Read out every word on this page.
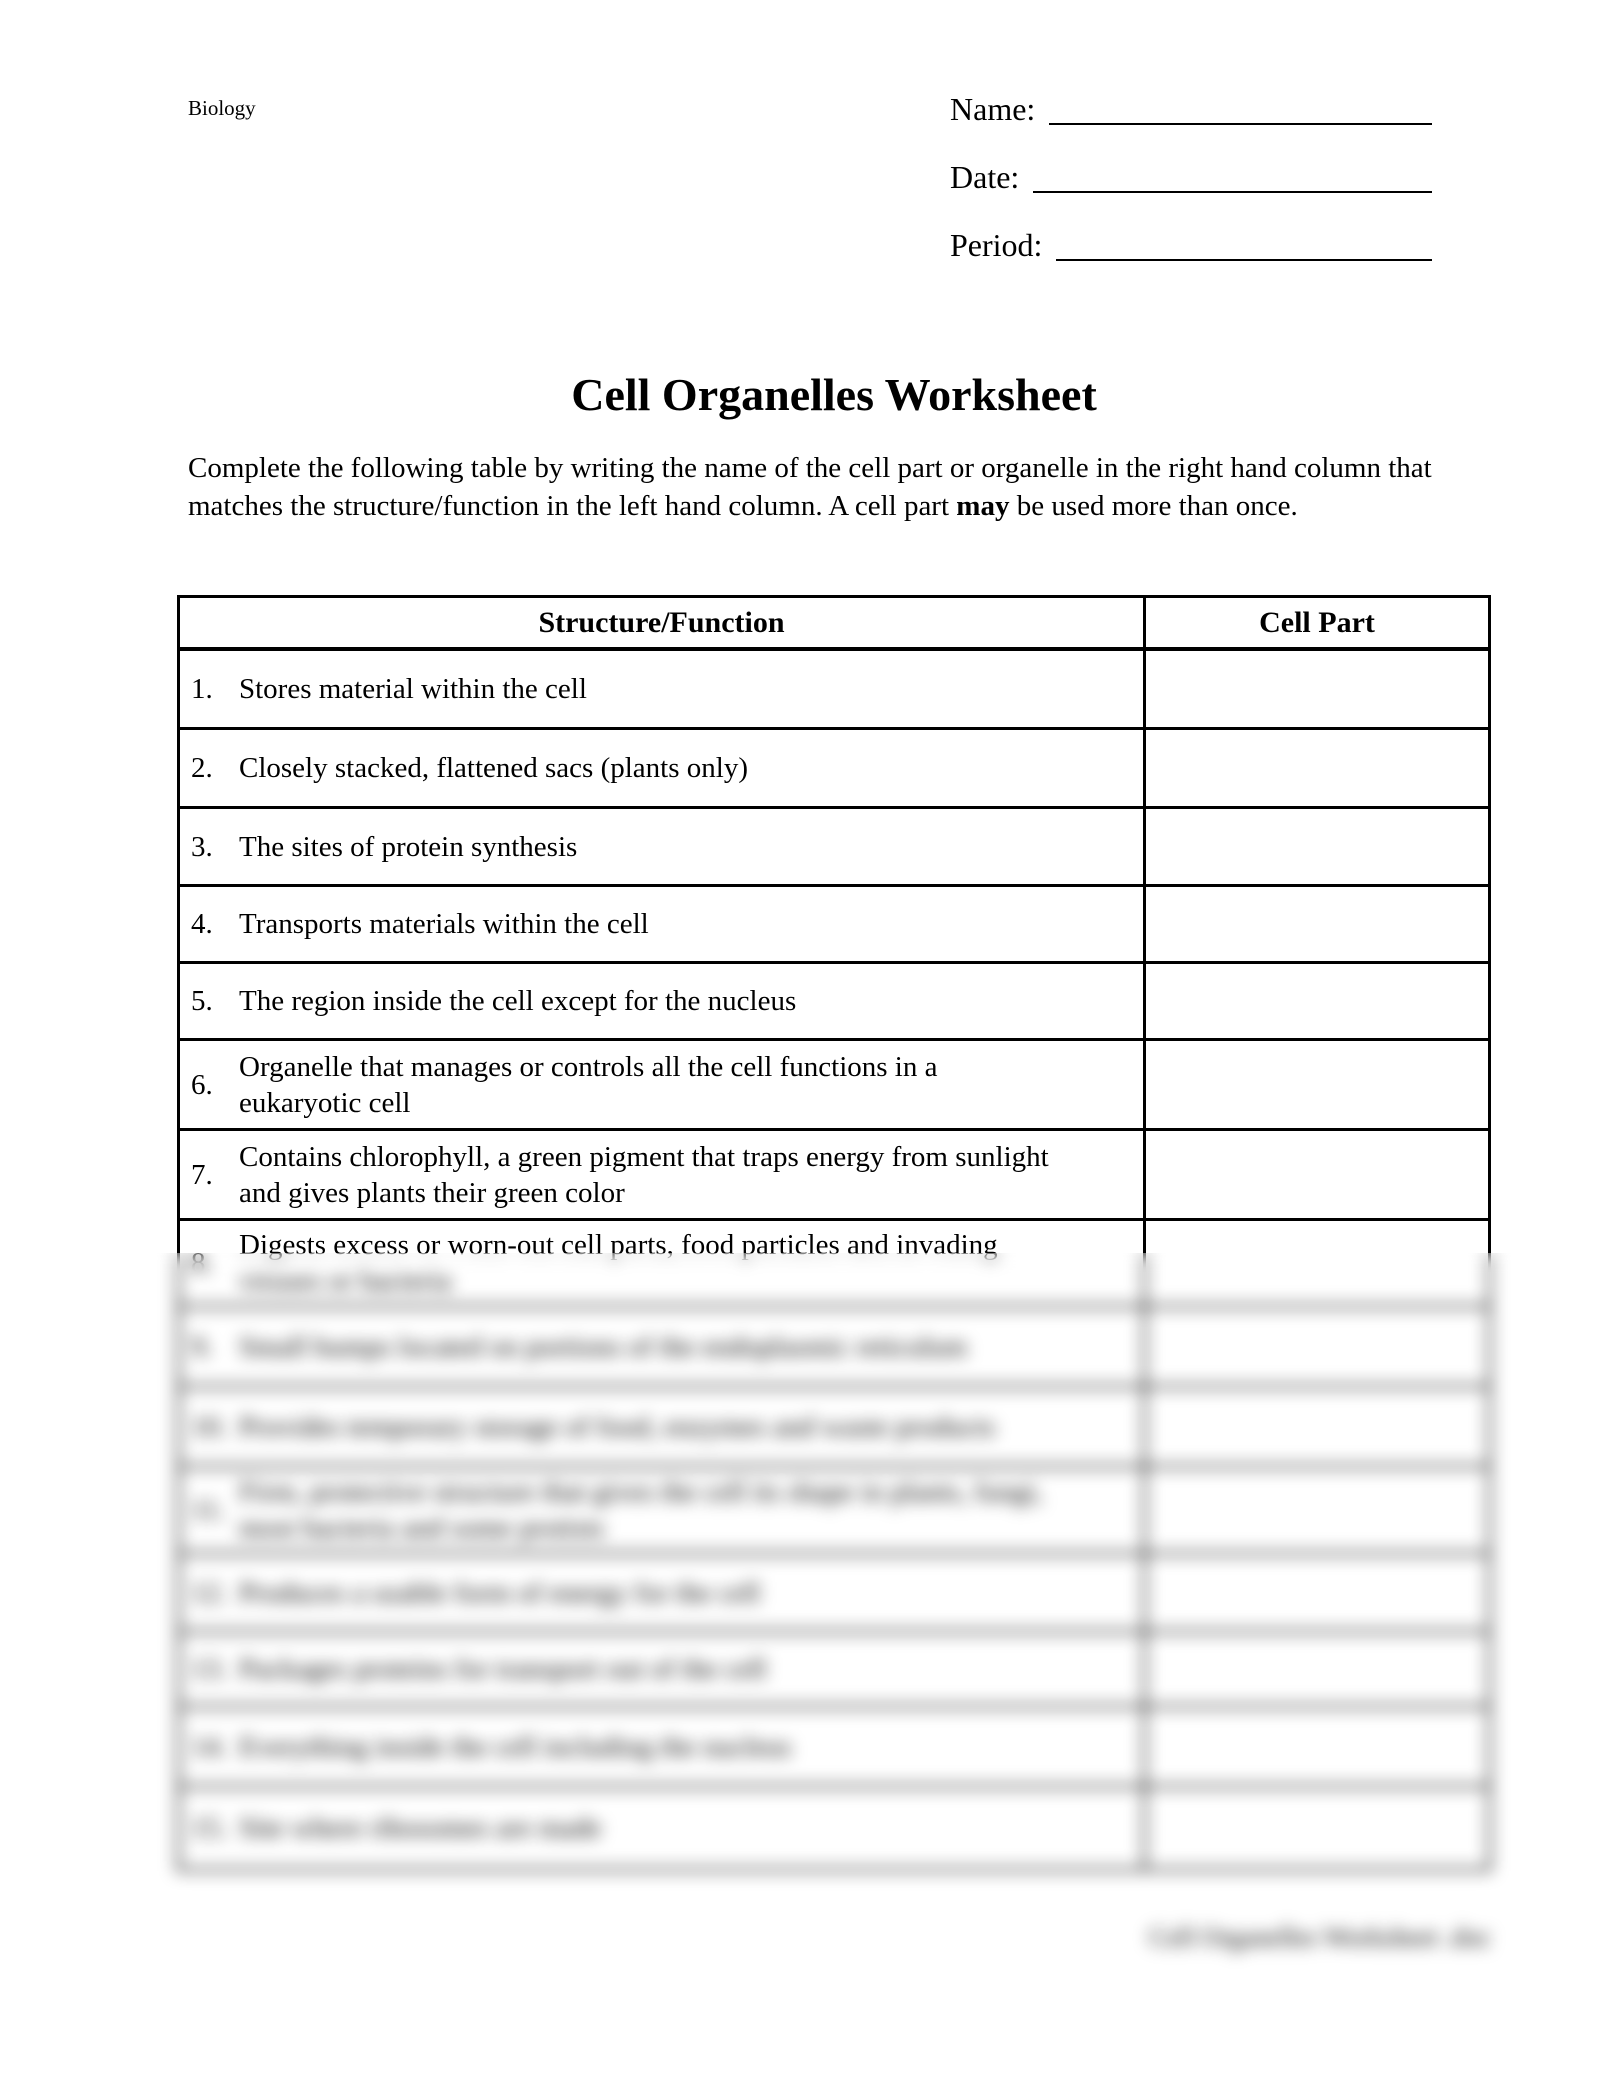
Biology	Name:
Date:
Period:
Cell Organelles Worksheet

Complete the following table by writing the name of the cell part or organelle in the right hand column that matches the structure/function in the left hand column. A cell part may be used more than once.

Structure/Function	Cell Part
1. Stores material within the cell
2. Closely stacked, flattened sacs (plants only)
3. The sites of protein synthesis
4. Transports materials within the cell
5. The region inside the cell except for the nucleus
6.
Organelle that manages or controls all the cell functions in a
eukaryotic cell
7.
Contains chlorophyll, a green pigment that traps energy from sunlight
and gives plants their green color
8.
Digests excess or worn-out cell parts, food particles and invading
viruses or bacteria
9. Small bumps located on portions of the endoplasmic reticulum
10. Provides temporary storage of food, enzymes and waste products
11.
Firm, protective structure that gives the cell its shape in plants, fungi,
most bacteria and some protists
12. Produces a usable form of energy for the cell
13. Packages proteins for transport out of the cell
14. Everything inside the cell including the nucleus
15. Site where ribosomes are made
Cell Organelles Worksheet .doc
